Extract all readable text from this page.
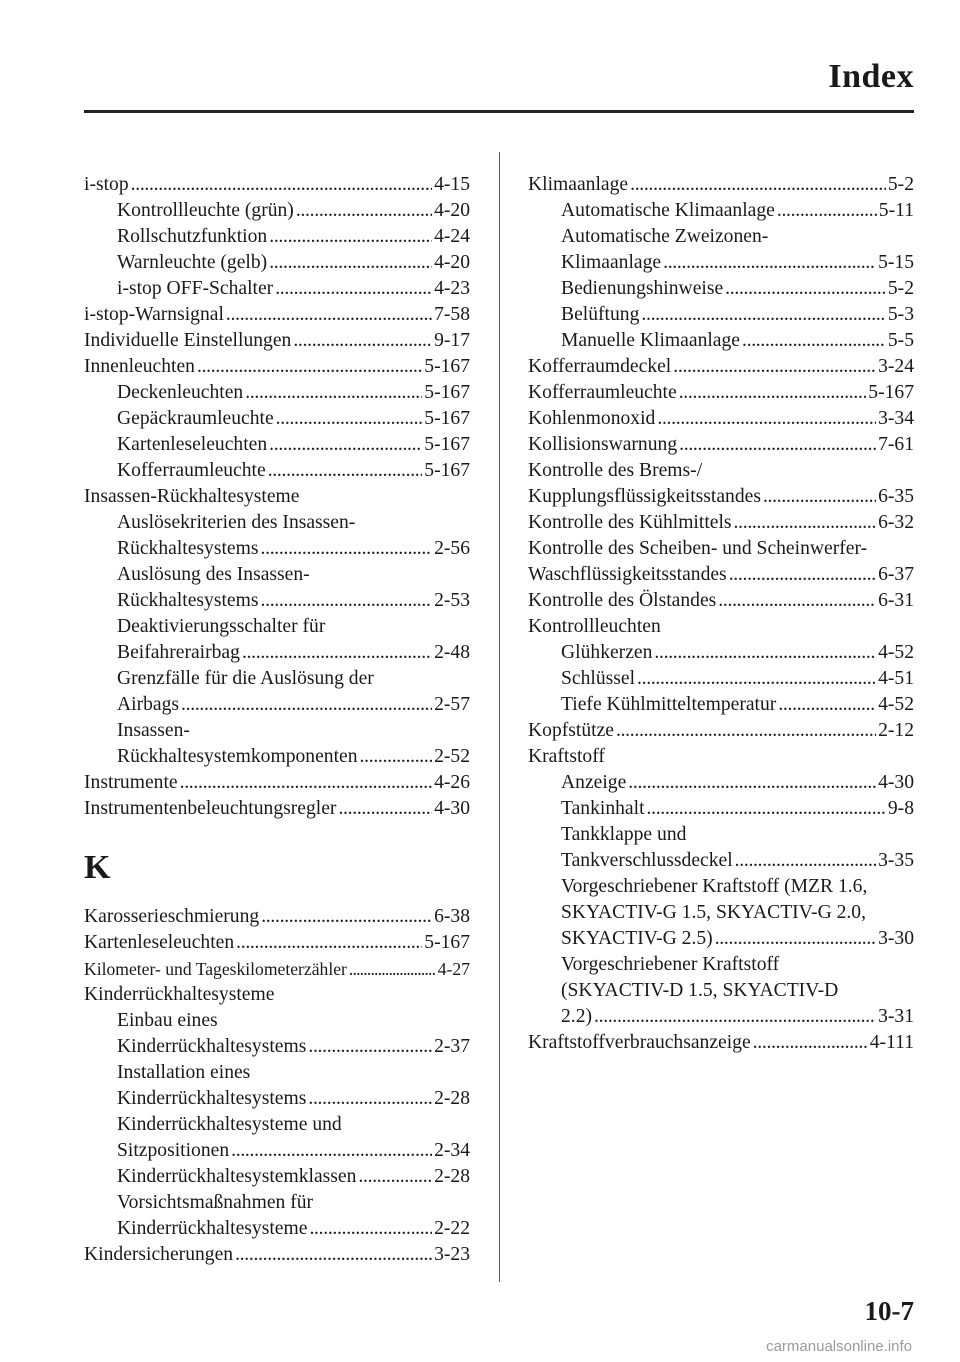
Index
i-stop . . .	4-15
Kontrollleuchte (grün) . . .	4-20
Rollschutzfunktion . . .	4-24
Warnleuchte (gelb) . . .	4-20
i-stop OFF-Schalter . . .	4-23
i-stop-Warnsignal . . .	7-58
Individuelle Einstellungen . . .	9-17
Innenleuchten . . .	5-167
Deckenleuchten . . .	5-167
Gepäckraumleuchte . . .	5-167
Kartenleseleuchten . . .	5-167
Kofferraumleuchte . . .	5-167
Insassen-Rückhaltesysteme
Auslösekriterien des Insassen-
Rückhaltesystems . . .	2-56
Auslösung des Insassen-
Rückhaltesystems . . .	2-53
Deaktivierungsschalter für
Beifahrerairbag . . .	2-48
Grenzfälle für die Auslösung der
Airbags . . .	2-57
Insassen-
Rückhaltesystemkomponenten . . .	2-52
Instrumente . . .	4-26
Instrumentenbeleuchtungsregler . . .	4-30
K
Karosserieschmierung . . .	6-38
Kartenleseleuchten . . .	5-167
Kilometer- und Tageskilometerzähler . . .	4-27
Kinderrückhaltesysteme
Einbau eines
Kinderrückhaltesystems . . .	2-37
Installation eines
Kinderrückhaltesystems . . .	2-28
Kinderrückhaltesysteme und
Sitzpositionen . . .	2-34
Kinderrückhaltesystemklassen . . .	2-28
Vorsichtsmaßnahmen für
Kinderrückhaltesysteme . . .	2-22
Kindersicherungen . . .	3-23
Klimaanlage . . .	5-2
Automatische Klimaanlage . . .	5-11
Automatische Zweizonen-
Klimaanlage . . .	5-15
Bedienungshinweise . . .	5-2
Belüftung . . .	5-3
Manuelle Klimaanlage . . .	5-5
Kofferraumdeckel . . .	3-24
Kofferraumleuchte . . .	5-167
Kohlenmonoxid . . .	3-34
Kollisionswarnung . . .	7-61
Kontrolle des Brems-/
Kupplungsflüssigkeitsstandes . . .	6-35
Kontrolle des Kühlmittels . . .	6-32
Kontrolle des Scheiben- und Scheinwerfer-
Waschflüssigkeitsstandes . . .	6-37
Kontrolle des Ölstandes . . .	6-31
Kontrollleuchten
Glühkerzen . . .	4-52
Schlüssel . . .	4-51
Tiefe Kühlmitteltemperatur . . .	4-52
Kopfstütze . . .	2-12
Kraftstoff
Anzeige . . .	4-30
Tankinhalt . . .	9-8
Tankklappe und
Tankverschlussdeckel . . .	3-35
Vorgeschriebener Kraftstoff (MZR 1.6,
SKYACTIV-G 1.5, SKYACTIV-G 2.0,
SKYACTIV-G 2.5) . . .	3-30
Vorgeschriebener Kraftstoff
(SKYACTIV-D 1.5, SKYACTIV-D
2.2) . . .	3-31
Kraftstoffverbrauchsanzeige . . .	4-111
10-7
carmanualsonline.info
